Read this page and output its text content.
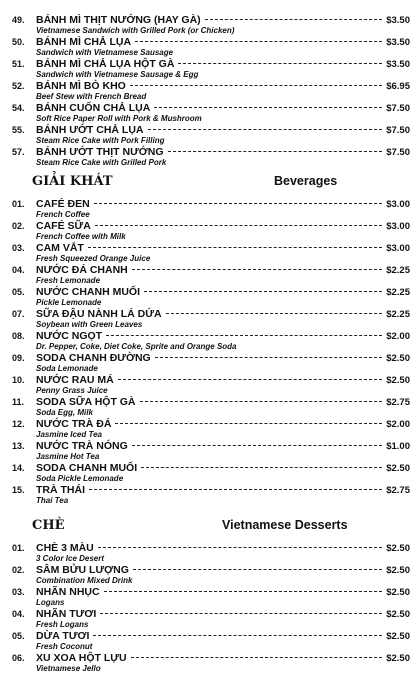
49.	BÁNH MÌ THỊT NƯỚNG (HAY GÀ)	$3.50
Vietnamese Sandwich with Grilled Pork (or Chicken)
50.	BÁNH MÌ CHẢ LỤA	$3.50
Sandwich with Vietnamese Sausage
51.	BÁNH MÌ CHẢ LỤA HỘT GÀ	$3.50
Sandwich with Vietnamese Sausage & Egg
52.	BÁNH MÌ BÒ KHO	$6.95
Beef Stew with French Bread
54.	BÁNH CUỐN CHẢ LỤA	$7.50
Soft Rice Paper Roll with Pork & Mushroom
55.	BÁNH ƯỚT CHẢ LỤA	$7.50
Steam Rice Cake with Pork Filling
57.	BÁNH ƯỚT THỊT NƯỚNG	$7.50
Steam Rice Cake with Grilled Pork
GIẢI KHÁT	Beverages
01.	CAFÉ ĐEN	$3.00
French Coffee
02.	CAFÉ SỮA	$3.00
French Coffee with Milk
03.	CAM VẮT	$3.00
Fresh Squeezed Orange Juice
04.	NƯỚC ĐÁ CHANH	$2.25
Fresh Lemonade
05.	NƯỚC CHANH MUỐI	$2.25
Pickle Lemonade
07.	SỮA ĐẬU NÀNH LÁ DỨA	$2.25
Soybean with Green Leaves
08.	NƯỚC NGỌT	$2.00
Dr. Pepper, Coke, Diet Coke, Sprite and Orange Soda
09.	SODA CHANH ĐƯỜNG	$2.50
Soda Lemonade
10.	NƯỚC RAU MÁ	$2.50
Penny Grass Juice
11.	SODA SỮA HỘT GÀ	$2.75
Soda Egg, Milk
12.	NƯỚC TRÀ ĐÁ	$2.00
Jasmine Iced Tea
13.	NƯỚC TRÀ NÓNG	$1.00
Jasmine Hot Tea
14.	SODA CHANH MUỐI	$2.50
Soda Pickle Lemonade
15.	TRÀ THÁI	$2.75
Thai Tea
CHÈ	Vietnamese Desserts
01.	CHÈ 3 MÀU	$2.50
3 Color Ice Desert
02.	SÂM BỬU LƯỢNG	$2.50
Combination Mixed Drink
03.	NHÃN NHỤC	$2.50
Logans
04.	NHÃN TƯƠI	$2.50
Fresh Logans
05.	DỪA TƯƠI	$2.50
Fresh Coconut
06.	XU XOA HỘT LỰU	$2.50
Vietnamese Jello
